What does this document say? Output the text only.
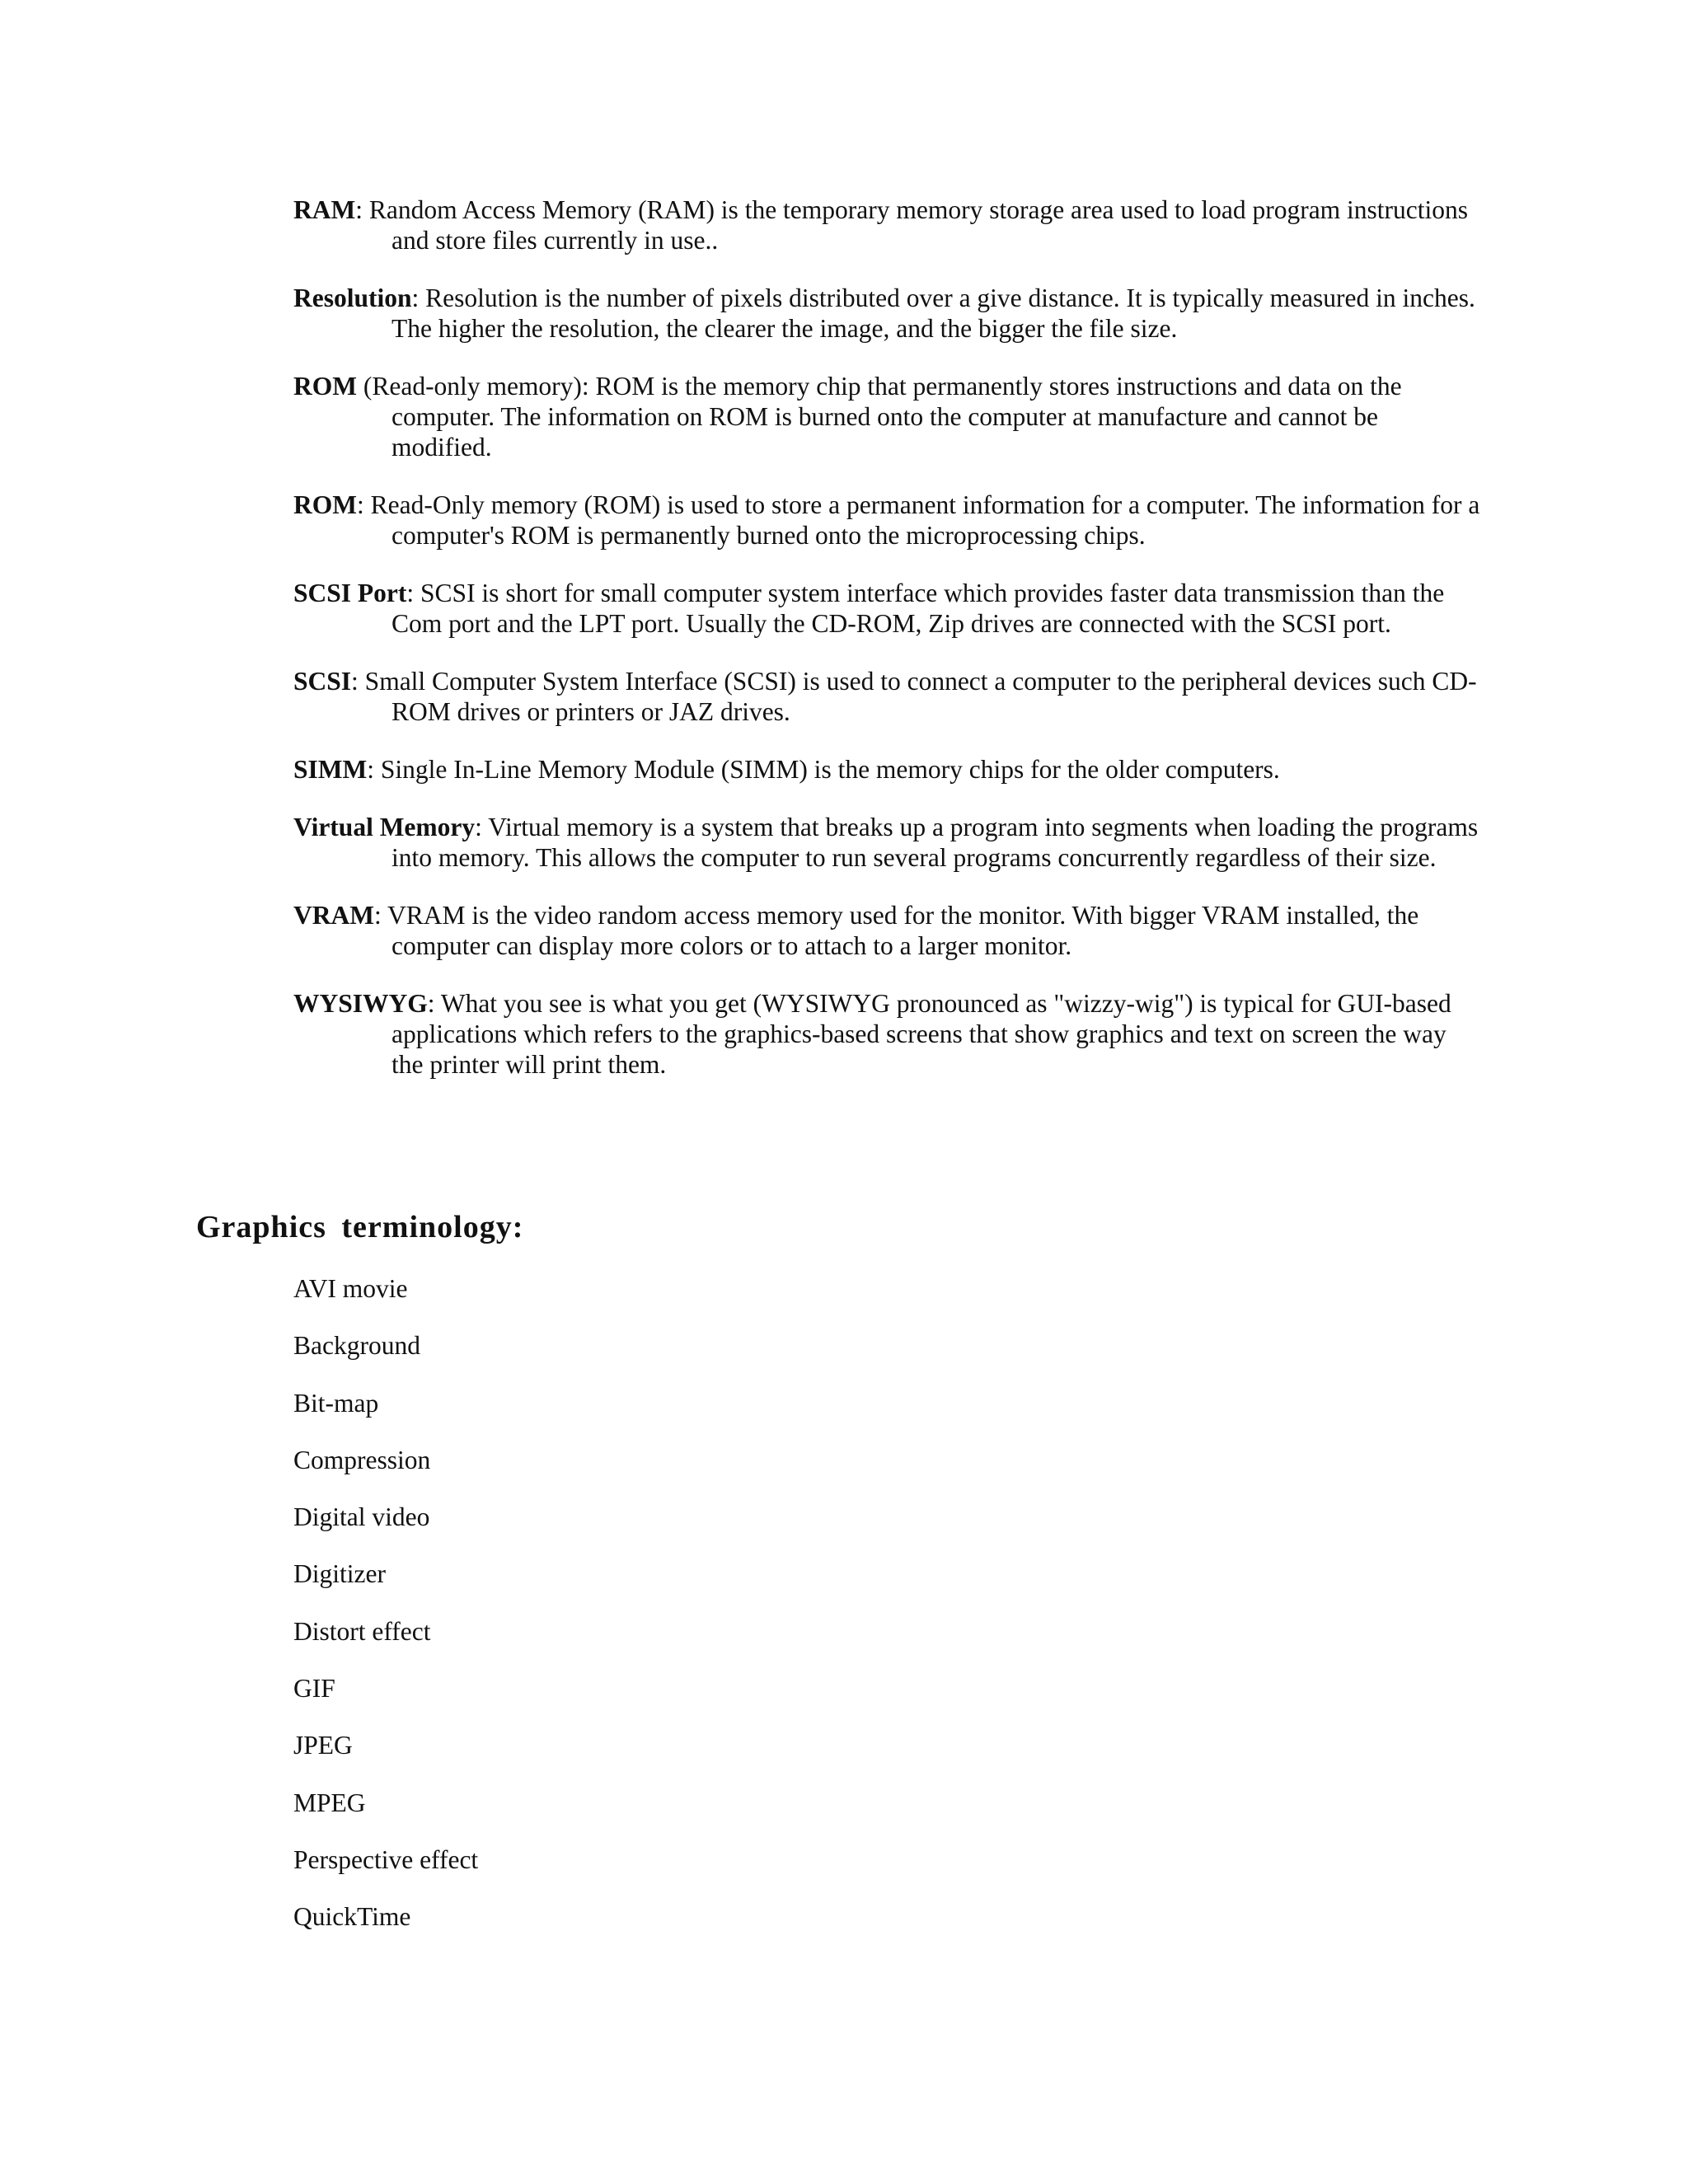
RAM: Random Access Memory (RAM) is the temporary memory storage area used to load program instructions and store files currently in use..

Resolution: Resolution is the number of pixels distributed over a give distance. It is typically measured in inches. The higher the resolution, the clearer the image, and the bigger the file size.

ROM (Read-only memory): ROM is the memory chip that permanently stores instructions and data on the computer. The information on ROM is burned onto the computer at manufacture and cannot be modified.

ROM: Read-Only memory (ROM) is used to store a permanent information for a computer. The information for a computer's ROM is permanently burned onto the microprocessing chips.

SCSI Port: SCSI is short for small computer system interface which provides faster data transmission than the Com port and the LPT port. Usually the CD-ROM, Zip drives are connected with the SCSI port.

SCSI: Small Computer System Interface (SCSI) is used to connect a computer to the peripheral devices such CD-ROM drives or printers or JAZ drives.

SIMM: Single In-Line Memory Module (SIMM) is the memory chips for the older computers.

Virtual Memory: Virtual memory is a system that breaks up a program into segments when loading the programs into memory. This allows the computer to run several programs concurrently regardless of their size.

VRAM: VRAM is the video random access memory used for the monitor. With bigger VRAM installed, the computer can display more colors or to attach to a larger monitor.

WYSIWYG: What you see is what you get (WYSIWYG pronounced as "wizzy-wig") is typical for GUI-based applications which refers to the graphics-based screens that show graphics and text on screen the way the printer will print them.

Graphics terminology:
AVI movie
Background
Bit-map
Compression
Digital video
Digitizer
Distort effect
GIF
JPEG
MPEG
Perspective effect
QuickTime
